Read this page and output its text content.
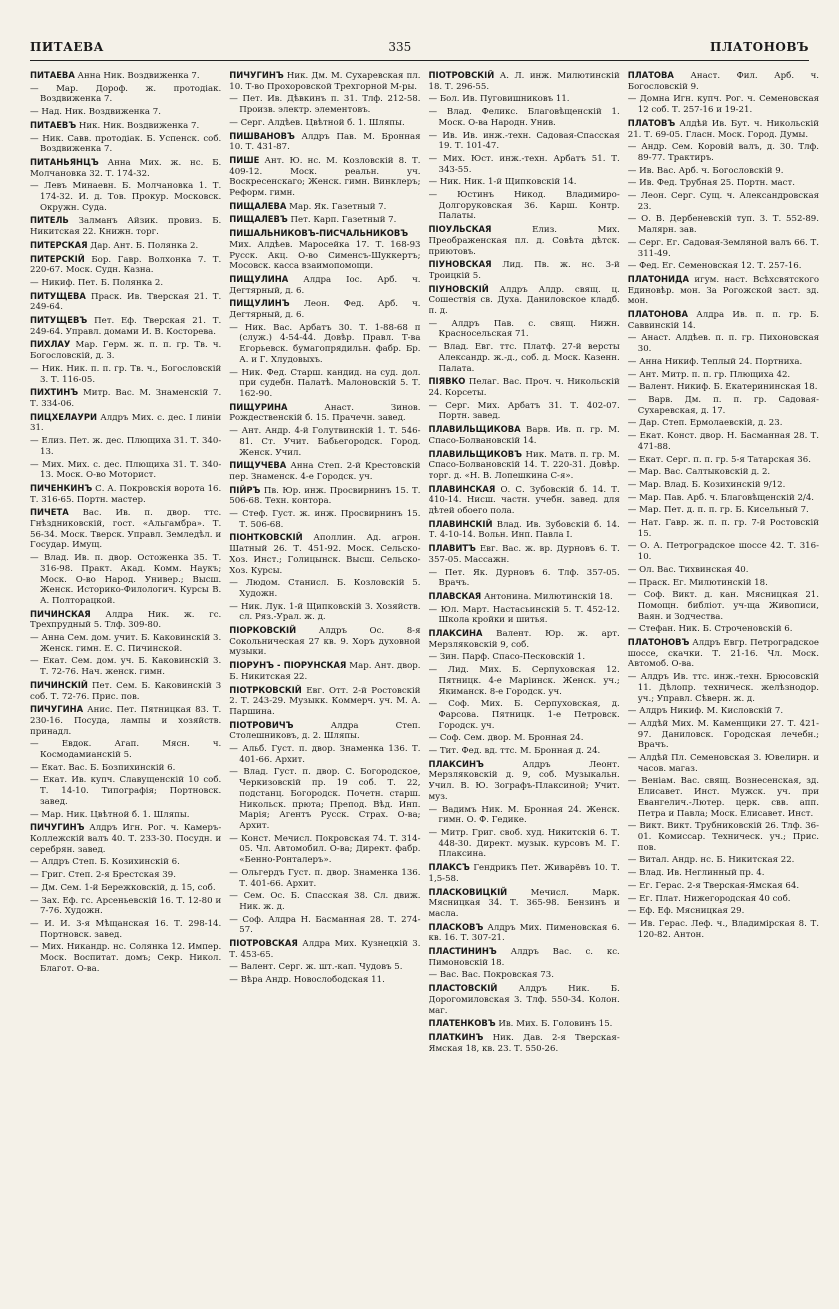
ПИТАЕВА	335	ПЛАТОНОВЪ

ПИТАЕВА Анна Ник. Воздвиженка 7.

— Мар. Дороф. ж. протодіак. Воздвиженка 7.

— Над. Ник. Воздвиженка 7.

ПИТАЕВЪ Ник. Ник. Воздвиженка 7.

— Ник. Савв. протодіак. Б. Успенск. соб. Воздвиженка 7.

ПИТАНЬЯНЦЪ Анна Мих. ж. нс. Б. Молчановка 32. Т. 174-32.

— Левъ Минаевн. Б. Молчановка 1. Т. 174-32. И. д. Тов. Прокур. Московск. Окружн. Суда.

ПИТЕЛЬ Залманъ Айзик. провиз. Б. Никитская 22. Книжн. торг.

ПИТЕРСКАЯ Дар. Ант. Б. Полянка 2.

ПИТЕРСКІЙ Бор. Гавр. Волхонка 7. Т. 220-67. Моск. Судн. Казна.

— Никиф. Пет. Б. Полянка 2.

ПИТУЩЕВА Праск. Ив. Тверская 21. Т. 249-64.

ПИТУЩЕВЪ Пет. Еф. Тверская 21. Т. 249-64. Управл. домами И. В. Косторева.

ПИХЛАУ Мар. Герм. ж. п. п. гр. Тв. ч. Богословскій, д. 3.

— Ник. Ник. п. п. гр. Тв. ч., Богословскій 3. Т. 116-05.

ПИХТИНЪ Митр. Вас. М. Знаменскій 7. Т. 334-06.

ПИЦХЕЛАУРИ Алдръ Мих. с. дес. І линіи 31.

— Елиз. Пет. ж. дес. Плющиха 31. Т. 340-13.

— Мих. Мих. с. дес. Плющиха 31. Т. 340-13. Моск. О-во Моторист.

ПИЧЕНКИНЪ С. А. Покровскія ворота 16. Т. 316-65. Портн. мастер.

ПИЧЕТА Вас. Ив. п. двор. ттс. Гнѣздниковскій, гост. «Альгамбра». Т. 56-34. Моск. Тверск. Управл. Земледѣл. и Государ. Имущ.

— Влад. Ив. п. двор. Остоженка 35. Т. 316-98. Практ. Акад. Комм. Наукъ; Моск. О-во Народ. Универ.; Высш. Женск. Историко-Филологич. Курсы В. А. Полторацкой.

ПИЧИНСКАЯ Алдра Ник. ж. гс. Трехпрудный 5. Тлф. 309-80.

— Анна Сем. дом. учит. Б. Каковинскій 3. Женск. гимн. Е. С. Пичинской.

— Екат. Сем. дом. уч. Б. Каковинскій 3. Т. 72-76. Нач. женск. гимн.

ПИЧИНСКІЙ Пет. Сем. Б. Каковинскій 3 соб. Т. 72-76. Прис. пов.

ПИЧУГИНА Анис. Пет. Пятницкая 83. Т. 230-16. Посуда, лампы и хозяйств. принадл.

— Евдок. Агап. Мясн. ч. Космодамианскій 5.

— Екат. Вас. Б. Бозпихинскій 6.

— Екат. Ив. купч. Славущенскій 10 соб. Т. 14-10. Типографія; Портновск. завед.

— Мар. Ник. Цвѣтной б. 1. Шляпы.

ПИЧУГИНЪ Алдръ Игн. Рог. ч. Камеръ-Коллежскій валъ 40. Т. 233-30. Посудн. и серебрян. завед.

— Алдръ Степ. Б. Козихинскій 6.

— Григ. Степ. 2-я Брестская 39.

— Дм. Сем. 1-й Бережковскій, д. 15, соб.

— Зах. Еф. гс. Арсеньевскій 16. Т. 12-80 и 7-76. Художн.

— И. И. 3-я Мѣщанская 16. Т. 298-14. Портновск. завед.

— Мих. Никандр. нс. Солянка 12. Импер. Моск. Воспитат. домъ; Секр. Никол. Благот. О-ва.

ПИЧУГИНЪ Ник. Дм. М. Сухаревская пл. 10. Т-во Прохоровской Трехгорной М-ры.

— Пет. Ив. Дѣвкинъ п. 31. Тлф. 212-58. Произв. электр. элементовъ.

— Серг. Алдѣев. Цвѣтной б. 1. Шляпы.

ПИШВАНОВЪ Алдръ Пав. М. Бронная 10. Т. 431-87.

ПИШЕ Ант. Ю. нс. М. Козловскій 8. Т. 409-12. Моск. реальн. уч. Воскресенскаго; Женск. гимн. Винклеръ; Реформ. гимн.

ПИЩАЛЕВА Мар. Як. Газетный 7.

ПИЩАЛЕВЪ Пет. Карп. Газетный 7.

ПИШАЛЬНИКОВЪ-ПИСЧАЛЬНИКОВЪ Мих. Алдѣев. Маросейка 17. Т. 168-93 Русск. Акц. О-во Сименсъ-Шуккертъ; Мосовск. касса взаимопомощи.

ПИЩУЛИНА Алдра Іос. Арб. ч. Дегтярный, д. 6.

ПИЩУЛИНЪ Леон. Фед. Арб. ч. Дегтярный, д. 6.

— Ник. Вас. Арбатъ 30. Т. 1-88-68 п (служ.) 4-54-44. Довѣр. Правл. Т-ва Егорьевск. бумагопрядильн. фабр. Бр. А. и Г. Хлудовыхъ.

— Ник. Фед. Старш. кандид. на суд. дол. при судебн. Палатѣ. Малоновскій 5. Т. 162-90.

ПИЩУРИНА	Анаст. Зинов. Рождественскій б. 15. Прачечн. завед.

— Ант. Андр. 4-й Голутвинскій 1. Т. 546-81. Ст. Учит. Бабьегородск. Город. Женск. Учил.

ПИЩУЧЕВА Анна Степ. 2-й Крестовскій пер. Знаменск. 4-е Городск. уч.

ПІЙРЪ Пв. Юр. инж. Просвирнинъ 15. Т. 506-68. Техн. контора.

— Стеф. Густ. ж. инж. Просвирнинъ 15. Т. 506-68.

ПІОНТКОВСКІЙ Аполлин. Ад. агрон. Шатный 26. Т. 451-92. Моск. Сельско-Хоз. Инст.; Голицынск. Высш. Сельско-Хоз. Курсы.

— Людом. Станисл. Б. Козловскій 5. Художн.

— Ник. Лук. 1-й Щипковскій 3. Хозяйств. сл. Ряз.-Урал. ж. д.

ПІОРКОВСКІЙ	Алдръ Ос. 8-я Сокольническая 27 кв. 9. Хоръ духовной музыки.

ПІОРУНЪ - ПІОРУНСКАЯ Мар. Ант. двор. Б. Никитская 22.

ПІОТРКОВСКІЙ Евг. Отт. 2-й Ростовскій 2. Т. 243-29. Музыкк. Коммерч. уч. М. А. Паршина.

ПІОТРОВИЧЪ	Алдра Степ. Столешниковъ, д. 2. Шляпы.

— Альб. Густ. п. двор. Знаменка 136. Т. 401-66. Архит.

— Влад. Густ. п. двор. С. Богородское, Черкизовскій пр. 19 соб. Т. 22, подстанц. Богородск. Почетн. старш. Никольск. прюта; Препод. Вѣд. Инп. Марія; Агентъ Русск. Страх. О-ва; Архит.

— Конст. Мечисл. Покровская 74. Т. 314-05. Чл. Автомобил. О-ва; Директ. фабр. «Бенно-Ронталеръ».

— Ольгердъ Густ. п. двор. Знаменка 136. Т. 401-66. Архит.

— Сем. Ос. Б. Спасская 38. Сл. движ. Ник. ж. д.

— Соф. Алдра Н. Басманная 28. Т. 274-57.

ПІОТРОВСКАЯ Алдра Мих. Кузнецкій 3. Т. 453-65.

— Валент. Серг. ж. шт.-кап. Чудовъ 5.

— Вѣра Андр. Новослободская 11.

ПІОТРОВСКІЙ А. Л. инж. Милютинскій 18. Т. 296-55.

— Бол. Ив. Пуговишниковъ 11.

— Влад. Феликс. Благовѣщенскій 1. Моск. О-ва Народн. Унив.

— Ив. Ив. инж.-техн. Садовая-Спасская 19. Т. 101-47.

— Мих. Юст. инж.-техн. Арбатъ 51. Т. 343-55.

— Ник. Ник. 1-й Щипковскій 14.

— Юстинъ Никод. Владимиро-Долгоруковская 36. Карш. Контр. Палаты.

ПІОУЛЬСКАЯ	Елиз. Мих. Преображенская пл. д. Совѣта дѣтск. приютовъ.

ПІУНОВСКАЯ Лид. Пв. ж. нс. 3-й Троицкій 5.

ПІУНОВСКІЙ Алдръ Алдр. свящ. ц. Сошествія св. Духа. Даниловское кладб. п. д.

— Алдръ Пав. с. свящ. Нижн. Красносельская 71.

— Влад. Евг. ттс. Платф. 27-й версты Александр. ж.-д., соб. д. Моск. Казенн. Палата.

ПІЯВКО Пелаг. Вас. Проч. ч. Никольскій 24. Корсеты.

— Серг. Мих. Арбатъ 31. Т. 402-07. Портн. завед.

ПЛАВИЛЬЩИКОВА Варв. Ив. п. гр. М. Спасо-Болвановскій 14.

ПЛАВИЛЬЩИКОВЪ Ник. Матв. п. гр. М. Спасо-Болвановскій 14. Т. 220-31. Довѣр. торг. д. «Н. В. Лопешкина С-я».

ПЛАВИНСКАЯ О. С. Зубовскій б. 14. Т. 410-14. Нисш. частн. учебн. завед. для дѣтей обоего пола.

ПЛАВИНСКІЙ Влад. Ив. Зубовскій б. 14. Т. 4-10-14. Вольн. Инп. Павла І.

ПЛАВИТЪ Евг. Вас. ж. вр. Дурновъ 6. Т. 357-05. Массажн.

— Пет. Як. Дурновъ 6. Тлф. 357-05. Врачъ.

ПЛАВСКАЯ Антонина. Милютинскій 18.

— Юл. Март. Настасьинскій 5. Т. 452-12. Школа кройки и шитья.

ПЛАКСИНА Валент. Юр. ж. арт. Мерзляковскій 9, соб.

— Зин. Парф. Спасо-Песковскій 1.

— Лид. Мих. Б. Серпуховская 12. Пятницк. 4-е Маріинск. Женск. уч.; Якиманск. 8-е Городск. уч.

— Соф. Мих. Б. Серпуховская, д. Фарсова. Пятницк. 1-е Петровск. Городск. уч.

— Соф. Сем. двор. М. Бронная 24.

— Тит. Фед. вд. ттс. М. Бронная д. 24.

ПЛАКСИНЪ	Алдръ Леонт. Мерзляковскій д. 9, соб. Музыкальн. Учил. В. Ю. Зографъ-Плаксиной; Учит. муз.

— Вадимъ Ник. М. Бронная 24. Женск. гимн. О. Ф. Гедике.

— Митр. Григ. своб. худ. Никитскій 6. Т. 448-30. Директ. музык. курсовъ М. Г. Плаксина.

ПЛАКСЪ Гендрикъ Пет. Живарёвъ 10. Т. 1,5-58.

ПЛАСКОВИЦКІЙ	Мечисл. Марк. Мясницкая 34. Т. 365-98. Бензинъ и масла.

ПЛАСКОВЪ Алдръ Мих. Пименовская 6. кв. 16. Т. 307-21.

ПЛАСТИНИНЪ Алдръ Вас. с. кс. Пимоновскій 18.

— Вас. Вас. Покровская 73.

ПЛАСТОВСКІЙ Алдръ Ник. Б. Дорогомиловская 3. Тлф. 550-34. Колон. маг.

ПЛАТЕНКОВЪ Ив. Мих. Б. Головинъ 15.

ПЛАТКИНЪ Ник. Дав. 2-я Тверская-Ямская 18, кв. 23. Т. 550-26.

ПЛАТОВА Анаст. Фил. Арб. ч. Богословскій 9.

— Домна Игн. купч. Рог. ч. Семеновская 12 соб. Т. 257-16 и 19-21.

ПЛАТОВЪ Алдѣй Ив. Бут. ч. Никольскій 21. Т. 69-05. Гласн. Моск. Город. Думы.

— Андр. Сем. Коровій валъ, д. 30. Тлф. 89-77. Трактиръ.

— Ив. Вас. Арб. ч. Богословскій 9.

— Ив. Фед. Трубная 25. Портн. маст.

— Леон. Серг. Сущ. ч. Александровская 23.

— О. В. Дербеневскій туп. 3. Т. 552-89. Малярн. зав.

— Серг. Ег. Садовая-Земляной валъ 66. Т. 311-49.

— Фед. Ег. Семеновская 12. Т. 257-16.

ПЛАТОНИДА игум. наст. Всѣхсвятского Единовѣр. мон. За Рогожской заст. зд. мон.

ПЛАТОНОВА Алдра Ив. п. п. гр. Б. Саввинскій 14.

— Анаст. Алдѣев. п. п. гр. Пихоновская 30.

— Анна Никиф. Теплый 24. Портниха.

— Ант. Митр. п. п. гр. Плющиха 42.

— Валент. Никиф. Б. Екатерининская 18.

— Варв. Дм. п. п. гр. Садовая-Сухаревская, д. 17.

— Дар. Степ. Ермолаевскій, д. 23.

— Екат. Конст. двор. Н. Басманная 28. Т. 471-88.

— Екат. Серг. п. п. гр. 5-я Татарская 36.

— Мар. Вас. Салтыковскій д. 2.

— Мар. Влад. Б. Козихинскій 9/12.

— Мар. Пав. Арб. ч. Благовѣщенскій 2/4.

— Мар. Пет. д. п. п. гр. Б. Кисельный 7.

— Нат. Гавр. ж. п. п. гр. 7-й Ростовскій 15.

— О. А. Петроградское шоссе 42. Т. 316-10.

— Ол. Вас. Тихвинская 40.

— Праск. Ег. Милютинскій 18.

— Соф. Викт. д. кан. Мясницкая 21. Помощн. библіот. уч-ща Живописи, Ваян. и Зодчества.

— Стефан. Ник. Б. Строченовскій 6.

ПЛАТОНОВЪ Алдръ Евгр. Петроградское шоссе, скачки. Т. 21-16. Чл. Моск. Автомоб. О-ва.

— Алдръ Ив. ттс. инж.-техн. Брюсовскій 11. Дѣлопр. техническ. желѣзнодор. уч.; Управл. Сѣверн. ж. д.

— Алдръ Никиф. М. Кисловскій 7.

— Алдѣй Мих. М. Каменщики 27. Т. 421-97. Даниловск. Городская лечебн.; Врачъ.

— Алдѣй Пл. Семеновская 3. Ювелирн. и часов. магаз.

— Веніам. Вас. свящ. Вознесенская, зд. Елисавет. Инст. Мужск. уч. при Евангелич.-Лютер. церк. свв. апп. Петра и Павла; Моск. Елисавет. Инст.

— Викт. Викт. Трубниковскій 26. Тлф. 36-01. Комиссар. Техническ. уч.; Прис. пов.

— Витал. Андр. нс. Б. Никитская 22.

— Влад. Ив. Неглинный пр. 4.

— Ег. Герас. 2-я Тверская-Ямская 64.

— Ег. Плат. Нижегородская 40 соб.

— Еф. Еф. Мясницкая 29.

— Ив. Герас. Леф. ч., Владимірская 8. Т. 120-82. Антон.
